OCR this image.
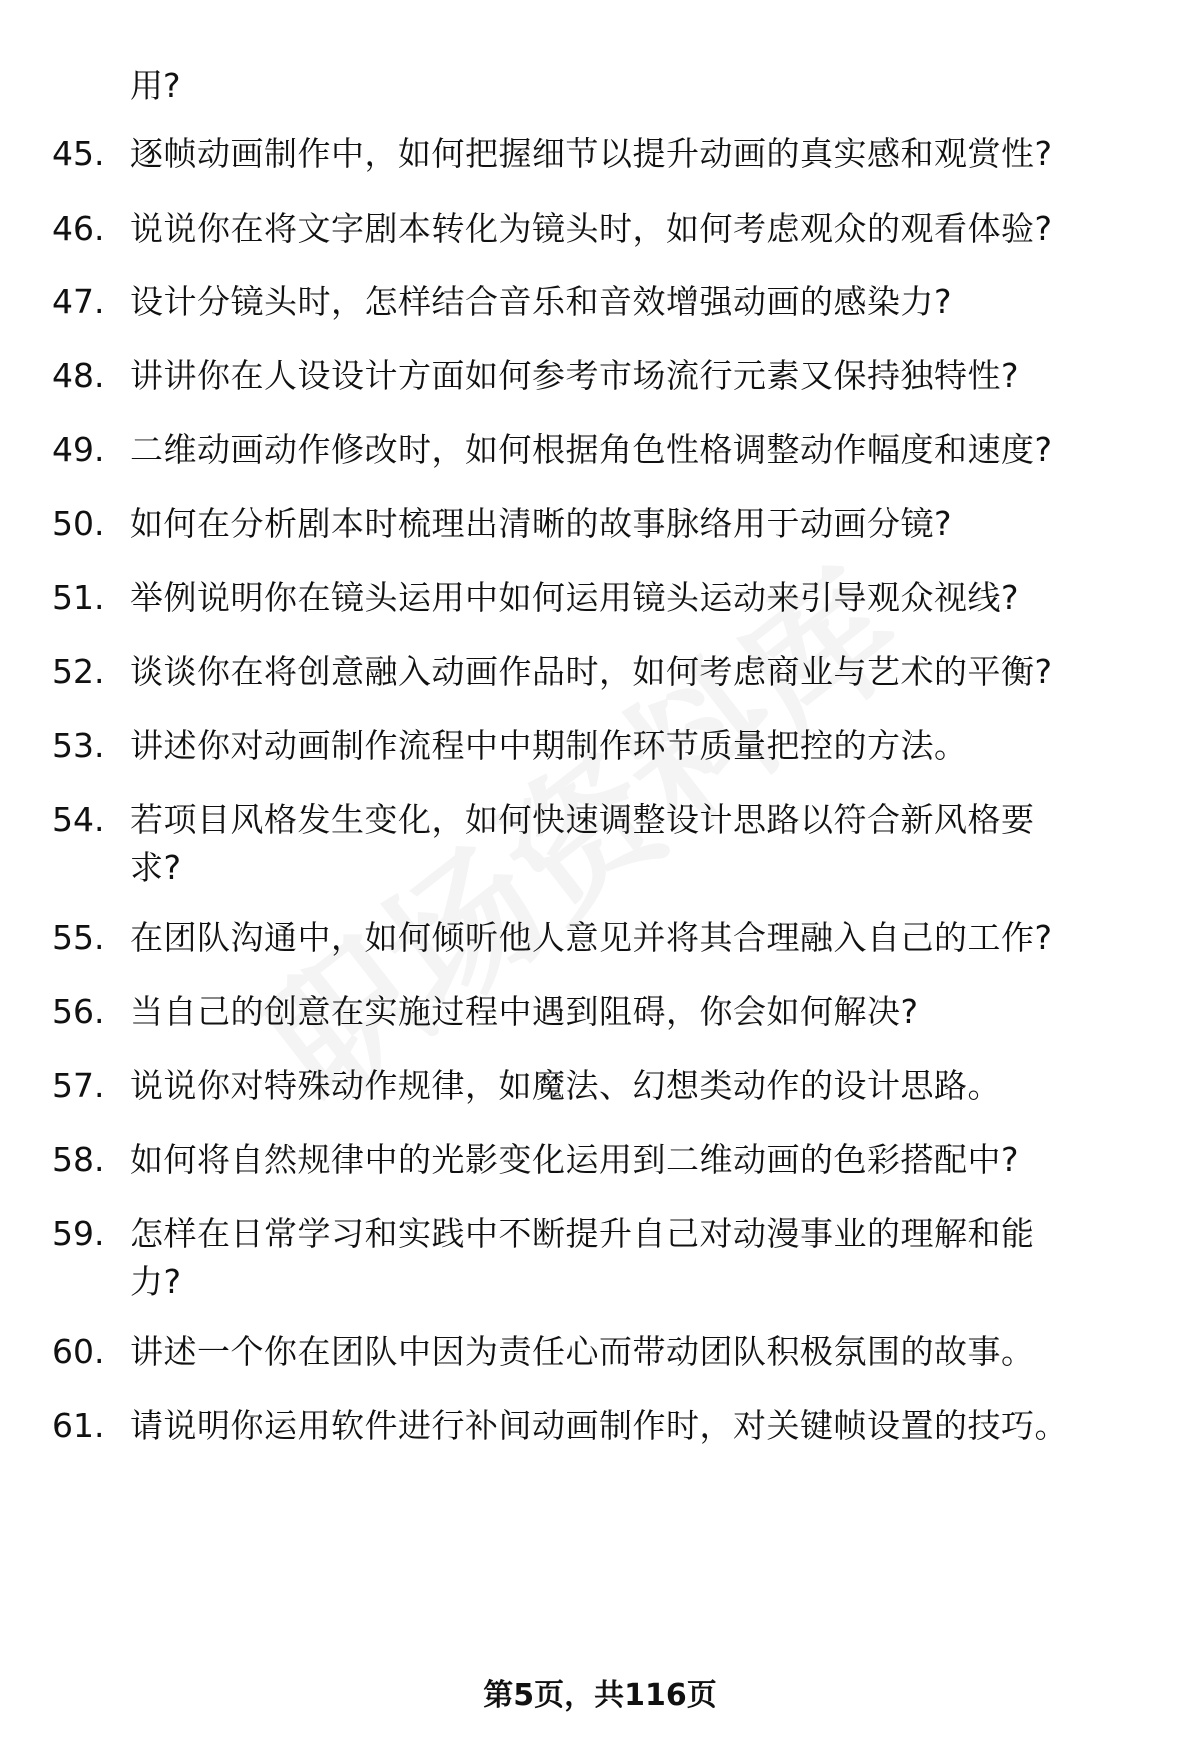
用?
45. 逐帧动画制作中，如何把握细节以提升动画的真实感和观赏性?
46. 说说你在将文字剧本转化为镜头时，如何考虑观众的观看体验?
47. 设计分镜头时，怎样结合音乐和音效增强动画的感染力?
48. 讲讲你在人设设计方面如何参考市场流行元素又保持独特性?
49. 二维动画动作修改时，如何根据角色性格调整动作幅度和速度?
50. 如何在分析剧本时梳理出清晰的故事脉络用于动画分镜?
51. 举例说明你在镜头运用中如何运用镜头运动来引导观众视线?
52. 谈谈你在将创意融入动画作品时，如何考虑商业与艺术的平衡?
53. 讲述你对动画制作流程中中期制作环节质量把控的方法。
54. 若项目风格发生变化，如何快速调整设计思路以符合新风格要
求?
55. 在团队沟通中，如何倾听他人意见并将其合理融入自己的工作?
56. 当自己的创意在实施过程中遇到阻碍，你会如何解决?
57. 说说你对特殊动作规律，如魔法、幻想类动作的设计思路。
58. 如何将自然规律中的光影变化运用到二维动画的色彩搭配中?
59. 怎样在日常学习和实践中不断提升自己对动漫事业的理解和能
力?
60. 讲述一个你在团队中因为责任心而带动团队积极氛围的故事。
61. 请说明你运用软件进行补间动画制作时，对关键帧设置的技巧。
第5页，共116页
